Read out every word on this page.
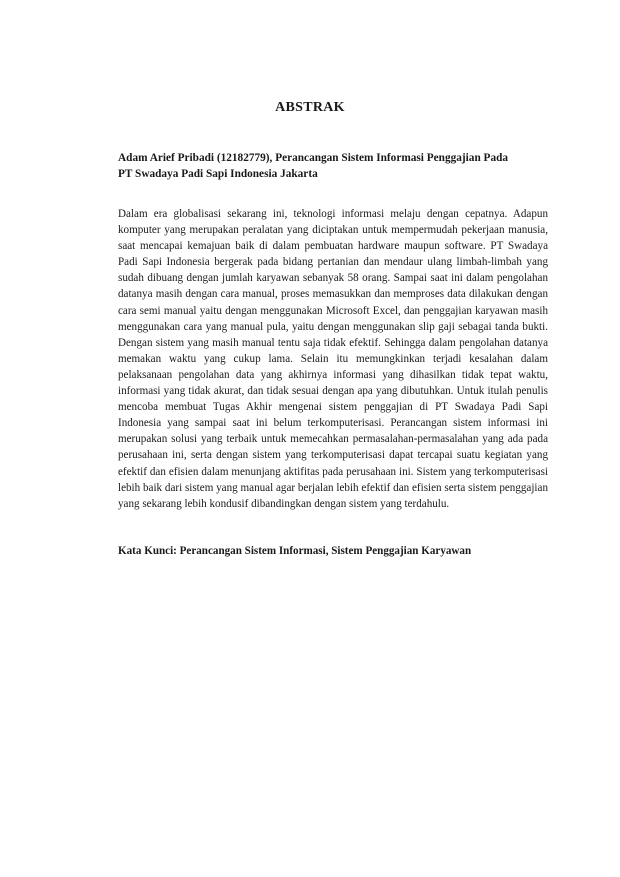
ABSTRAK
Adam Arief Pribadi (12182779), Perancangan Sistem Informasi Penggajian Pada
PT Swadaya Padi Sapi Indonesia Jakarta

Dalam era globalisasi sekarang ini, teknologi informasi melaju dengan cepatnya. Adapun komputer yang merupakan peralatan yang diciptakan untuk mempermudah pekerjaan manusia, saat mencapai kemajuan baik di dalam pembuatan hardware maupun software. PT Swadaya Padi Sapi Indonesia bergerak pada bidang pertanian dan mendaur ulang limbah-limbah yang sudah dibuang dengan jumlah karyawan sebanyak 58 orang. Sampai saat ini dalam pengolahan datanya masih dengan cara manual, proses memasukkan dan memproses data dilakukan dengan cara semi manual yaitu dengan menggunakan Microsoft Excel, dan penggajian karyawan masih menggunakan cara yang manual pula, yaitu dengan menggunakan slip gaji sebagai tanda bukti. Dengan sistem yang masih manual tentu saja tidak efektif. Sehingga dalam pengolahan datanya memakan waktu yang cukup lama. Selain itu memungkinkan terjadi kesalahan dalam pelaksanaan pengolahan data yang akhirnya informasi yang dihasilkan tidak tepat waktu, informasi yang tidak akurat, dan tidak sesuai dengan apa yang dibutuhkan. Untuk itulah penulis mencoba membuat Tugas Akhir mengenai sistem penggajian di PT Swadaya Padi Sapi Indonesia yang sampai saat ini belum terkomputerisasi. Perancangan sistem informasi ini merupakan solusi yang terbaik untuk memecahkan permasalahan-permasalahan yang ada pada perusahaan ini, serta dengan sistem yang terkomputerisasi dapat tercapai suatu kegiatan yang efektif dan efisien dalam menunjang aktifitas pada perusahaan ini. Sistem yang terkomputerisasi lebih baik dari sistem yang manual agar berjalan lebih efektif dan efisien serta sistem penggajian yang sekarang lebih kondusif dibandingkan dengan sistem yang terdahulu.

Kata Kunci: Perancangan Sistem Informasi, Sistem Penggajian Karyawan
